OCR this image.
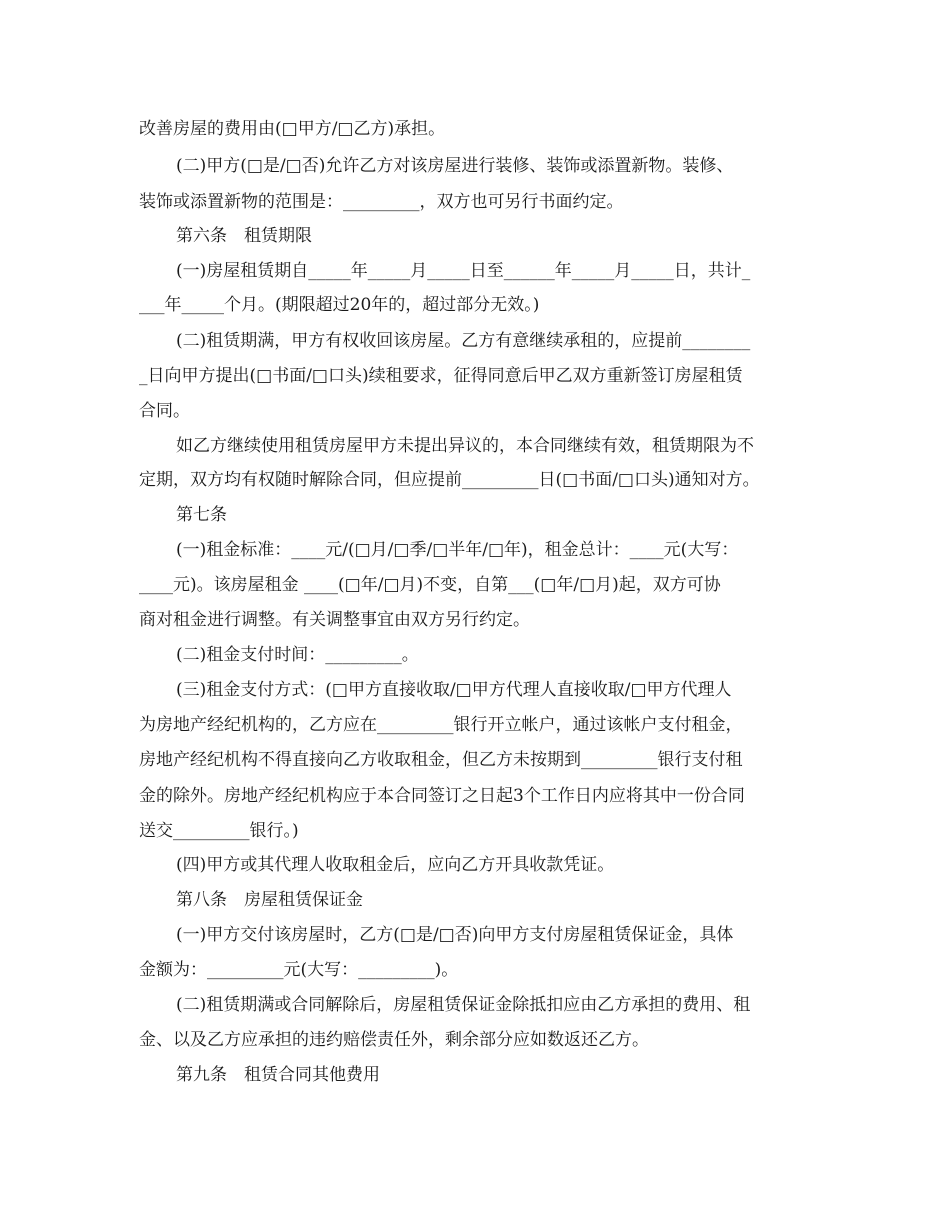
改善房屋的费用由(□甲方/□乙方)承担。
(二)甲方(□是/□否)允许乙方对该房屋进行装修、装饰或添置新物。装修、
装饰或添置新物的范围是：_________，双方也可另行书面约定。
第六条　租赁期限
(一)房屋租赁期自_____年_____月_____日至______年_____月_____日，共计_
___年_____个月。(期限超过20年的，超过部分无效。)
(二)租赁期满，甲方有权收回该房屋。乙方有意继续承租的，应提前________
_日向甲方提出(□书面/□口头)续租要求，征得同意后甲乙双方重新签订房屋租赁
合同。
如乙方继续使用租赁房屋甲方未提出异议的，本合同继续有效，租赁期限为不
定期，双方均有权随时解除合同，但应提前_________日(□书面/□口头)通知对方。
第七条
(一)租金标准：____元/(□月/□季/□半年/□年)，租金总计：____元(大写：
____元)。该房屋租金 ____(□年/□月)不变，自第___(□年/□月)起，双方可协
商对租金进行调整。有关调整事宜由双方另行约定。
(二)租金支付时间：_________。
(三)租金支付方式：(□甲方直接收取/□甲方代理人直接收取/□甲方代理人
为房地产经纪机构的，乙方应在_________银行开立帐户，通过该帐户支付租金，
房地产经纪机构不得直接向乙方收取租金，但乙方未按期到_________银行支付租
金的除外。房地产经纪机构应于本合同签订之日起3个工作日内应将其中一份合同
送交_________银行。)
(四)甲方或其代理人收取租金后，应向乙方开具收款凭证。
第八条　房屋租赁保证金
(一)甲方交付该房屋时，乙方(□是/□否)向甲方支付房屋租赁保证金，具体
金额为：_________元(大写：_________)。
(二)租赁期满或合同解除后，房屋租赁保证金除抵扣应由乙方承担的费用、租
金、以及乙方应承担的违约赔偿责任外，剩余部分应如数返还乙方。
第九条　租赁合同其他费用
